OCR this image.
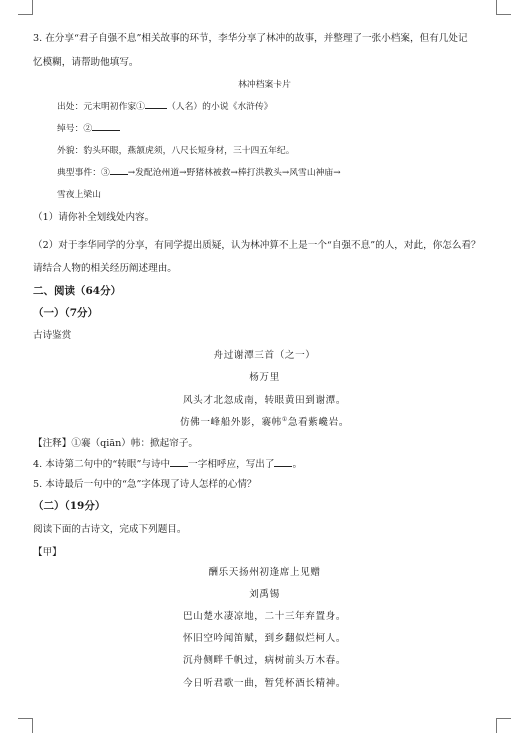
3. 在分享“君子自强不息”相关故事的环节，李华分享了林冲的故事，并整理了一张小档案，但有几处记
忆模糊，请帮助他填写。
林冲档案卡片
出处：元末明初作家①	（人名）的小说《水浒传》
绰号：②
外貌：豹头环眼，燕颔虎须，八尺长短身材，三十四五年纪。
典型事件：③ →发配沧州道→野猪林被救→棒打洪教头→风雪山神庙→
雪夜上梁山
（1）请你补全划线处内容。
（2）对于李华同学的分享，有同学提出质疑，认为林冲算不上是一个“自强不息”的人，对此，你怎么看？
请结合人物的相关经历阐述理由。
二、阅读（64分）
（一）（7分）
古诗鉴赏
舟过谢潭三首（之一）
杨万里
风头才北忽成南，转眼黄田到谢潭。
仿佛一峰船外影，褰帏①急看紫巉岩。
【注释】①褰（qiān）帏：掀起帘子。
4. 本诗第二句中的“转眼”与诗中 一字相呼应，写出了 。
5. 本诗最后一句中的“急”字体现了诗人怎样的心情？
（二）（19分）
阅读下面的古诗文，完成下列题目。
【甲】
酬乐天扬州初逢席上见赠
刘禹锡
巴山楚水凄凉地，二十三年弃置身。
怀旧空吟闻笛赋，到乡翻似烂柯人。
沉舟侧畔千帆过，病树前头万木春。
今日听君歌一曲，暂凭杯酒长精神。
